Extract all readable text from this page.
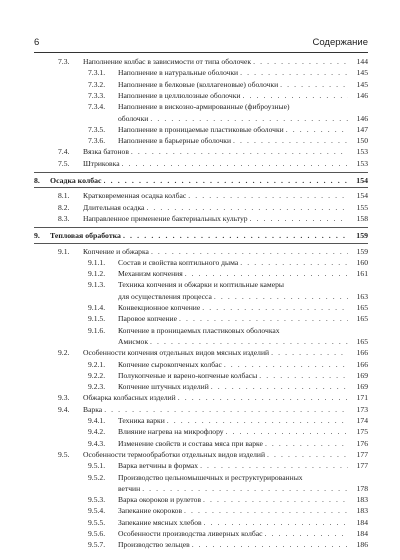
6	Содержание
7.3. Наполнение колбас в зависимости от типа оболочек . . .	144
7.3.1. Наполнение в натуральные оболочки . . .	145
7.3.2. Наполнение в белковые (коллагеновые) оболочки . . .	145
7.3.3. Наполнение в целлюлозные оболочки . . .	146
7.3.4. Наполнение в вискозно-армированные (фиброузные)
оболочки . . .	146
7.3.5. Наполнение в проницаемые пластиковые оболочки . . .	147
7.3.6. Наполнение в барьерные оболочки . . .	150
7.4. Вязка батонов . . .	153
7.5. Штриковка . . .	153
8. Осадка колбас . . .	154
8.1. Кратковременная осадка колбас . . .	154
8.2. Длительная осадка . . .	155
8.3. Направленное применение бактериальных культур . . .	158
9. Тепловая обработка . . .	159
9.1. Копчение и обжарка . . .	159
9.1.1. Состав и свойства коптильного дыма . . .	160
9.1.2. Механизм копчения . . .	161
9.1.3. Техника копчения и обжарки и коптильные камеры
для осуществления процесса . . .	163
9.1.4. Конвекционное копчение . . .	165
9.1.5. Паровое копчение . . .	165
9.1.6. Копчение в проницаемых пластиковых оболочках
Амисмок . . .	165
9.2. Особенности копчения отдельных видов мясных изделий . . .	166
9.2.1. Копчение сырокопченых колбас . . .	166
9.2.2. Полукопченые и варено-копченые колбасы . . .	169
9.2.3. Копчение штучных изделий . . .	169
9.3. Обжарка колбасных изделий . . .	171
9.4. Варка . . .	173
9.4.1. Техника варки . . .	174
9.4.2. Влияние нагрева на микрофлору . . .	175
9.4.3. Изменение свойств и состава мяса при варке . . .	176
9.5. Особенности термообработки отдельных видов изделий . . .	177
9.5.1. Варка ветчины в формах . . .	177
9.5.2. Производство цельномышечных и реструктурированных
ветчин . . .	178
9.5.3. Варка окороков и рулетов . . .	183
9.5.4. Запекание окороков . . .	183
9.5.5. Запекание мясных хлебов . . .	184
9.5.6. Особенности производства ливерных колбас . . .	184
9.5.7. Производство зельцев . . .	186
